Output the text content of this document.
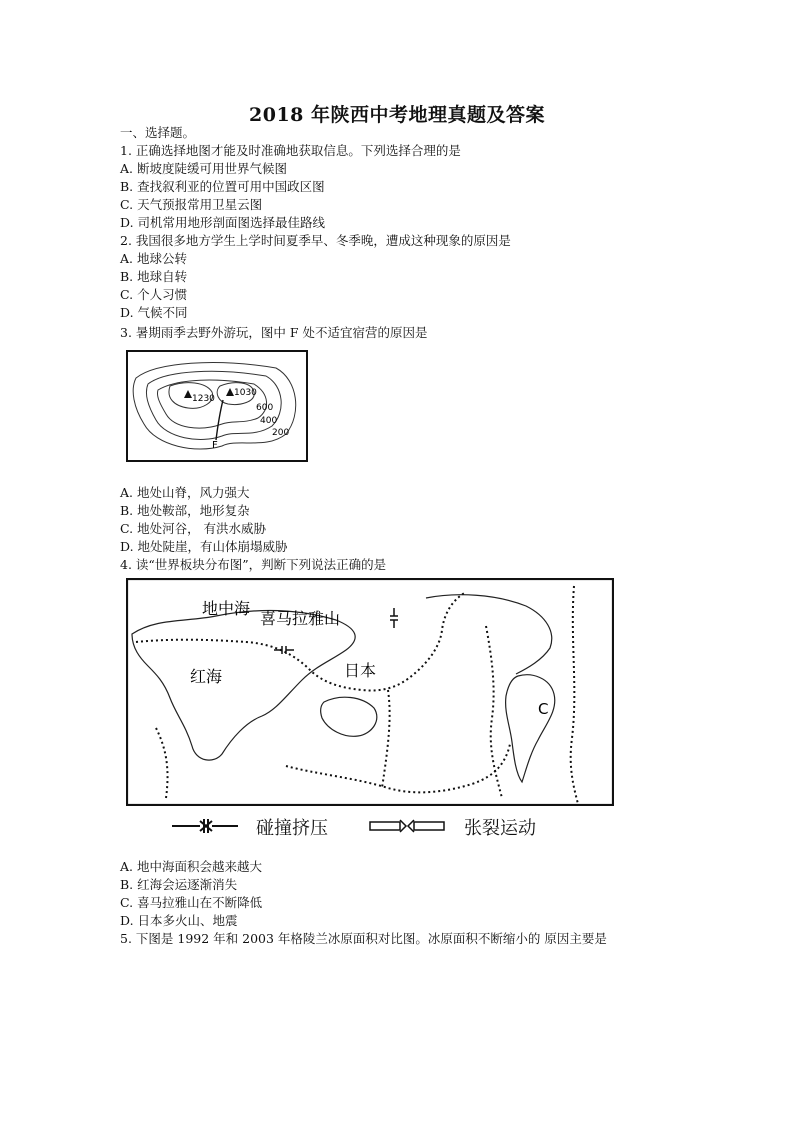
2018 年陕西中考地理真题及答案
一、选择题。
1. 正确选择地图才能及时准确地获取信息。下列选择合理的是
A. 断坡度陡缓可用世界气候图
B. 查找叙利亚的位置可用中国政区图
C. 天气预报常用卫星云图
D. 司机常用地形剖面图选择最佳路线
2. 我国很多地方学生上学时间夏季早、冬季晚，遭成这种现象的原因是
A. 地球公转
B. 地球自转
C. 个人习惯
D. 气候不同
3. 暑期雨季去野外游玩，图中 F 处不适宜宿营的原因是
1230
1030
600
400
200
F
A. 地处山脊，风力强大
B. 地处鞍部，地形复杂
C. 地处河谷， 有洪水威胁
D. 地处陡崖，有山体崩塌威胁
4. 读“世界板块分布图”，判断下列说法正确的是
地中海
喜马拉雅山
红海	日本
C
碰撞挤压	张裂运动
A. 地中海面积会越来越大
B. 红海会运逐渐消失
C. 喜马拉雅山在不断降低
D. 日本多火山、地震
5. 下图是 1992 年和 2003 年格陵兰冰原面积对比图。冰原面积不断缩小的 原因主要是
